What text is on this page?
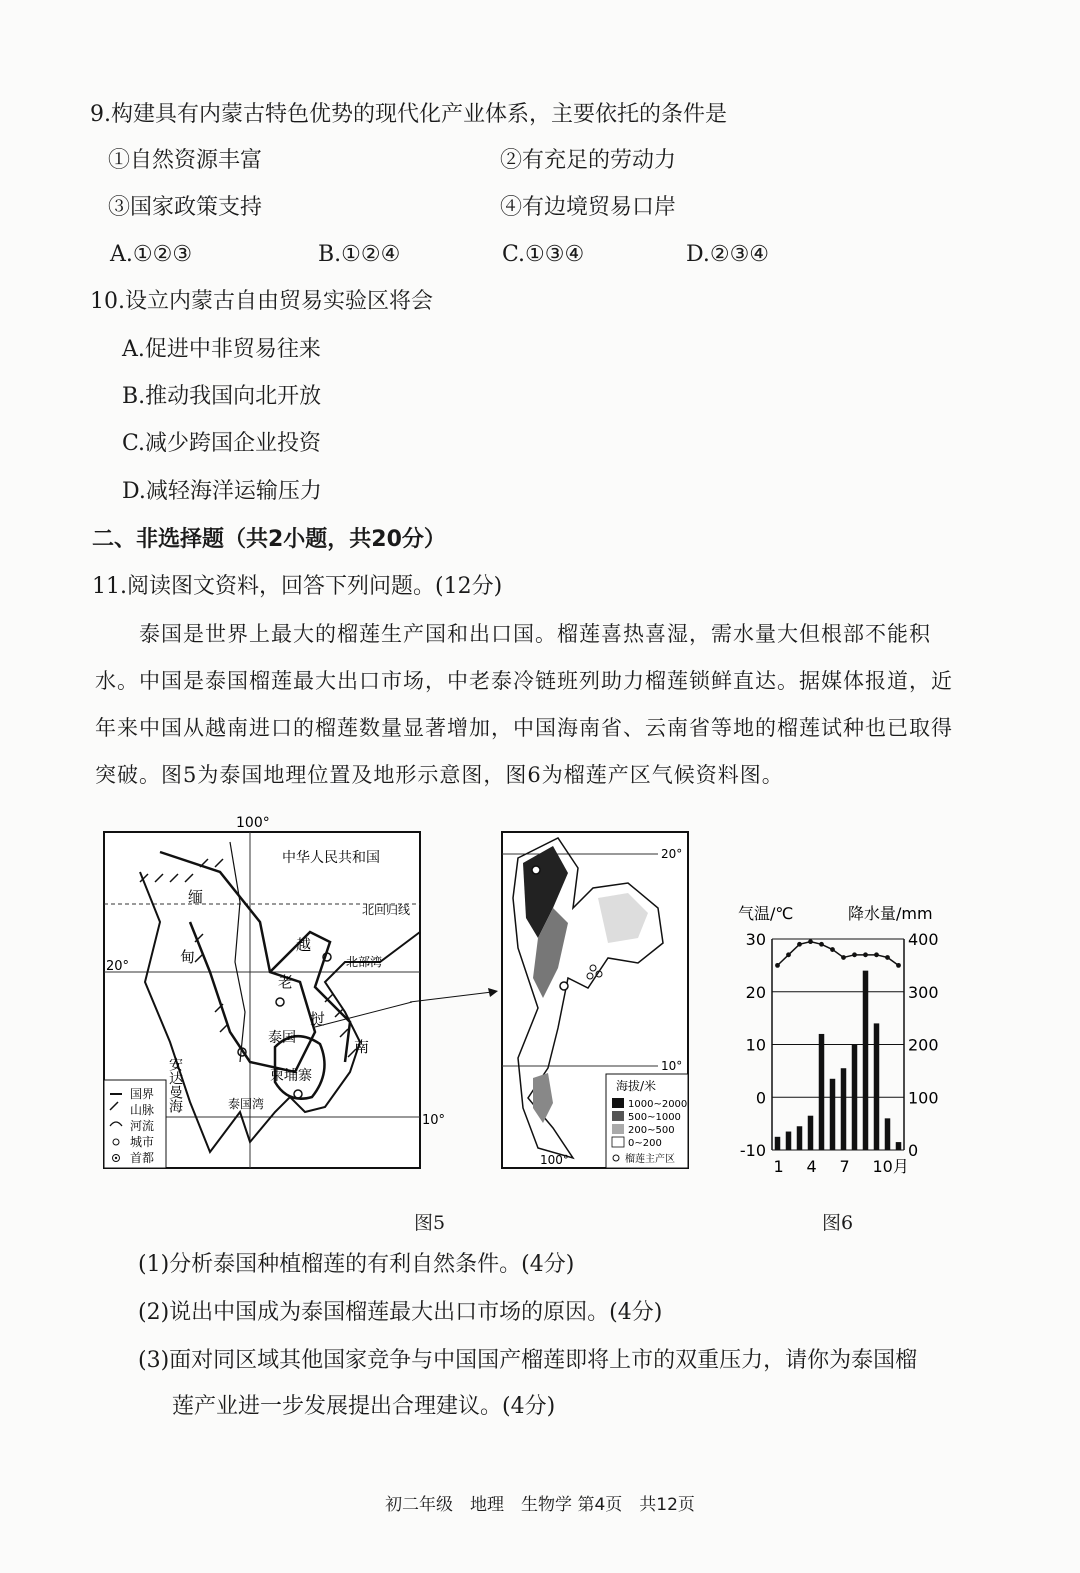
9.构建具有内蒙古特色优势的现代化产业体系，主要依托的条件是
①自然资源丰富	②有充足的劳动力
③国家政策支持	④有边境贸易口岸
A.①②③	B.①②④	C.①③④	D.②③④
10.设立内蒙古自由贸易实验区将会
A.促进中非贸易往来
B.推动我国向北开放
C.减少跨国企业投资
D.减轻海洋运输压力
二、非选择题（共2小题，共20分）
11.阅读图文资料，回答下列问题。(12分)
泰国是世界上最大的榴莲生产国和出口国。榴莲喜热喜湿，需水量大但根部不能积水。中国是泰国榴莲最大出口市场，中老泰冷链班列助力榴莲锁鲜直达。据媒体报道，近年来中国从越南进口的榴莲数量显著增加，中国海南省、云南省等地的榴莲试种也已取得突破。图5为泰国地理位置及地形示意图，图6为榴莲产区气候资料图。
100°
中华人民共和国
北回归线
20°
10°
缅
甸
越
南
老
挝
泰国
柬埔寨
北部湾
泰国湾
安达曼海
国界
山脉
河流
城市
首都
20°
10°
100°
海拔/米
1000~2000
500~1000
200~500
0~200
榴莲主产区
气温/℃	降水量/mm
30	400
20	300
10	200
0	100
-10	0
1 4 7 10月
图5	图6
(1)分析泰国种植榴莲的有利自然条件。(4分)
(2)说出中国成为泰国榴莲最大出口市场的原因。(4分)
(3)面对同区域其他国家竞争与中国国产榴莲即将上市的双重压力，请你为泰国榴
莲产业进一步发展提出合理建议。(4分)
初二年级　地理　生物学 第4页　共12页
